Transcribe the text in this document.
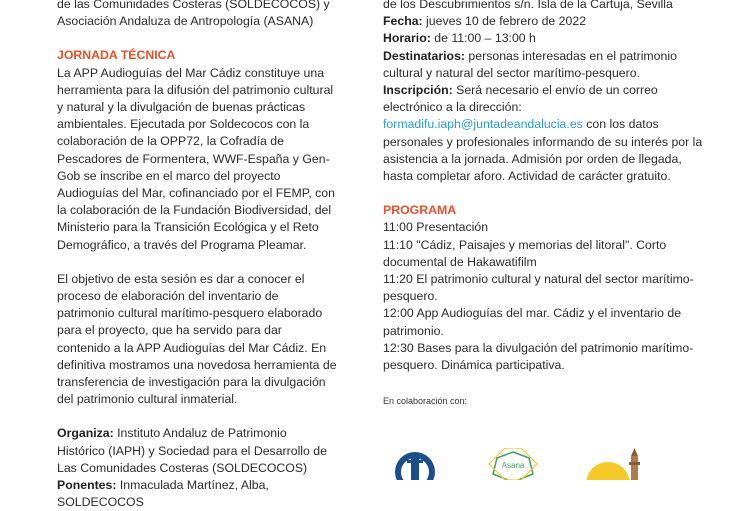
de las Comunidades Costeras (SOLDECOCOS) y

Asociación Andaluza de Antropología (ASANA)

JORNADA TÉCNICA

La APP Audioguías del Mar Cádiz constituye una herramienta para la difusión del patrimonio cultural y natural y la divulgación de buenas prácticas ambientales. Ejecutada por Soldecocos con la colaboración de la OPP72, la Cofradía de Pescadores de Formentera, WWF-España y Gen-Gob se inscribe en el marco del proyecto Audioguías del Mar, cofinanciado por el FEMP, con la colaboración de la Fundación Biodiversidad, del Ministerio para la Transición Ecológica y el Reto Demográfico, a través del Programa Pleamar.

El objetivo de esta sesión es dar a conocer el proceso de elaboración del inventario de patrimonio cultural marítimo-pesquero elaborado para el proyecto, que ha servido para dar contenido a la APP Audioguías del Mar Cádiz. En definitiva mostramos una novedosa herramienta de transferencia de investigación para la divulgación del patrimonio cultural inmaterial.

Organiza: Instituto Andaluz de Patrimonio Histórico (IAPH) y Sociedad para el Desarrollo de Las Comunidades Costeras (SOLDECOCOS)

Ponentes: Inmaculada Martínez, Alba, SOLDECOCOS

de los Descubrimientos s/n. Isla de la Cartuja, Sevilla

Fecha: jueves 10 de febrero de 2022

Horario: de 11:00 – 13:00 h

Destinatarios: personas interesadas en el patrimonio cultural y natural del sector marítimo-pesquero.

Inscripción: Será necesario el envío de un correo electrónico a la dirección: formadifu.iaph@juntadeandalucia.es con los datos personales y profesionales informando de su interés por la asistencia a la jornada. Admisión por orden de llegada, hasta completar aforo. Actividad de carácter gratuito.

PROGRAMA

11:00 Presentación

11:10 "Cádiz, Paisajes y memorias del litoral". Corto documental de Hakawatifilm

11:20 El patrimonio cultural y natural del sector marítimo-pesquero.

12:00 App Audioguías del mar. Cádiz y el inventario de patrimonio.

12:30 Bases para la divulgación del patrimonio marítimo-pesquero. Dinámica participativa.

En colaboración con:

Asana
